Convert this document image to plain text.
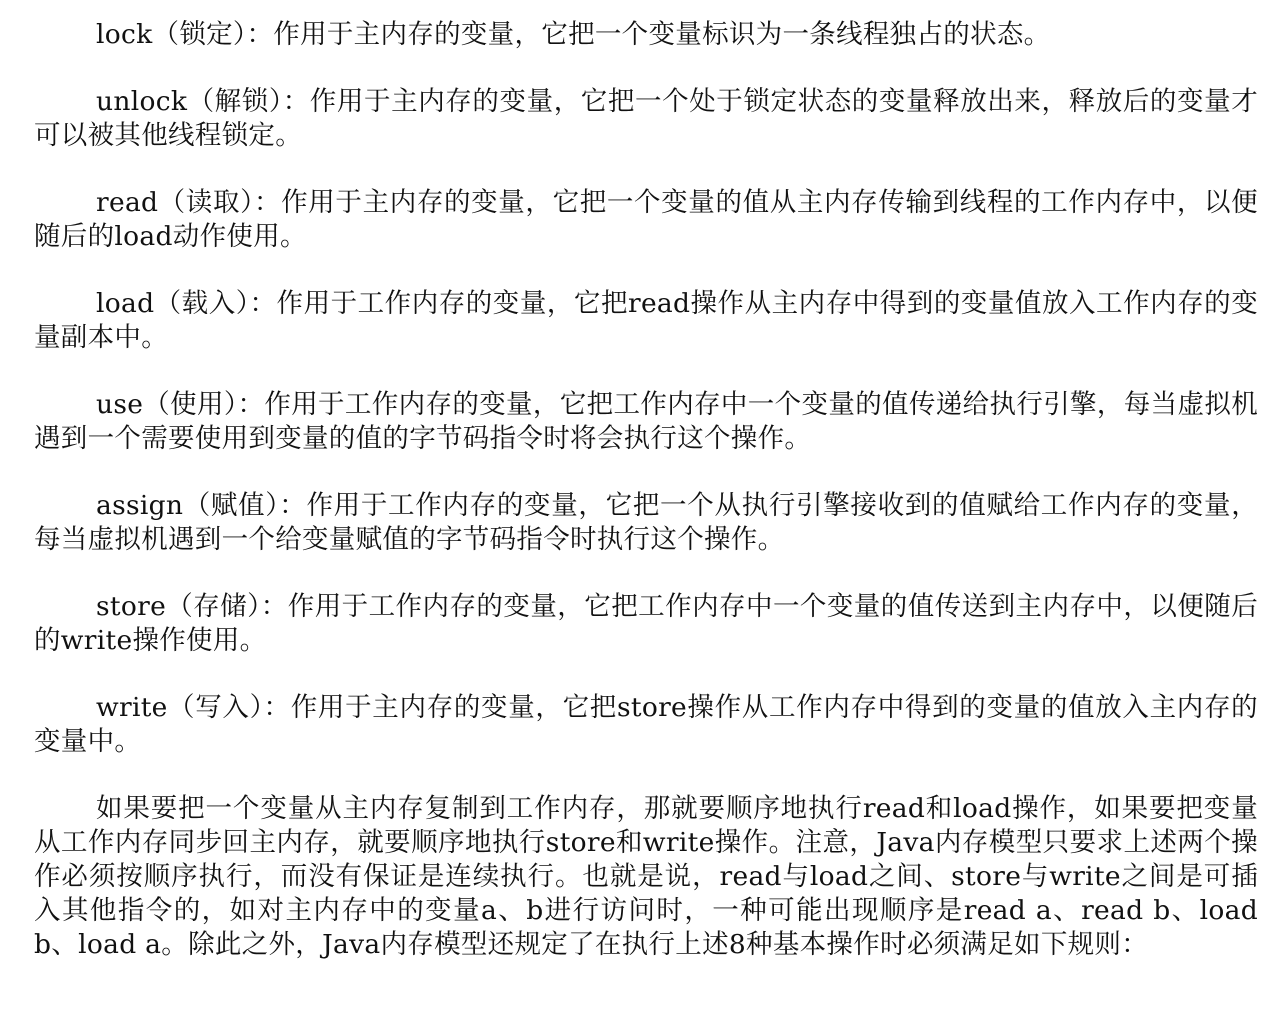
lock（锁定）：作用于主内存的变量，它把一个变量标识为一条线程独占的状态。

unlock（解锁）：作用于主内存的变量，它把一个处于锁定状态的变量释放出来，释放后的变量才可以被其他线程锁定。

read（读取）：作用于主内存的变量，它把一个变量的值从主内存传输到线程的工作内存中，以便随后的load动作使用。

load（载入）：作用于工作内存的变量，它把read操作从主内存中得到的变量值放入工作内存的变量副本中。

use（使用）：作用于工作内存的变量，它把工作内存中一个变量的值传递给执行引擎，每当虚拟机遇到一个需要使用到变量的值的字节码指令时将会执行这个操作。

assign（赋值）：作用于工作内存的变量，它把一个从执行引擎接收到的值赋给工作内存的变量，每当虚拟机遇到一个给变量赋值的字节码指令时执行这个操作。

store（存储）：作用于工作内存的变量，它把工作内存中一个变量的值传送到主内存中，以便随后的write操作使用。

write（写入）：作用于主内存的变量，它把store操作从工作内存中得到的变量的值放入主内存的变量中。

如果要把一个变量从主内存复制到工作内存，那就要顺序地执行read和load操作，如果要把变量从工作内存同步回主内存，就要顺序地执行store和write操作。注意，Java内存模型只要求上述两个操作必须按顺序执行，而没有保证是连续执行。也就是说，read与load之间、store与write之间是可插入其他指令的，如对主内存中的变量a、b进行访问时，一种可能出现顺序是read a、read b、load b、load a。除此之外，Java内存模型还规定了在执行上述8种基本操作时必须满足如下规则：
